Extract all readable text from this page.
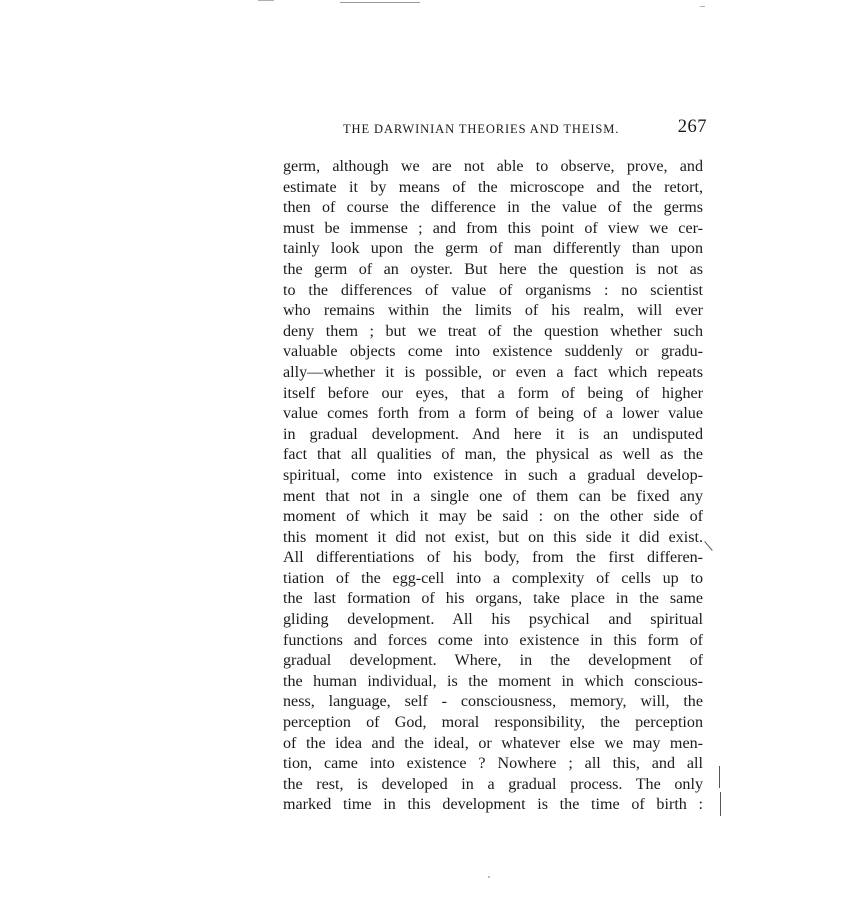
THE DARWINIAN THEORIES AND THEISM.	267
germ, although we are not able to observe, prove, and
estimate it by means of the microscope and the retort,
then of course the difference in the value of the germs
must be immense ; and from this point of view we cer-
tainly look upon the germ of man differently than upon
the germ of an oyster. But here the question is not as
to the differences of value of organisms : no scientist
who remains within the limits of his realm, will ever
deny them ; but we treat of the question whether such
valuable objects come into existence suddenly or gradu-
ally—whether it is possible, or even a fact which repeats
itself before our eyes, that a form of being of higher
value comes forth from a form of being of a lower value
in gradual development. And here it is an undisputed
fact that all qualities of man, the physical as well as the
spiritual, come into existence in such a gradual develop-
ment that not in a single one of them can be fixed any
moment of which it may be said : on the other side of
this moment it did not exist, but on this side it did exist.
All differentiations of his body, from the first differen-
tiation of the egg-cell into a complexity of cells up to
the last formation of his organs, take place in the same
gliding development. All his psychical and spiritual
functions and forces come into existence in this form of
gradual development. Where, in the development of
the human individual, is the moment in which conscious-
ness, language, self - consciousness, memory, will, the
perception of God, moral responsibility, the perception
of the idea and the ideal, or whatever else we may men-
tion, came into existence ? Nowhere ; all this, and all
the rest, is developed in a gradual process. The only
marked time in this development is the time of birth :
